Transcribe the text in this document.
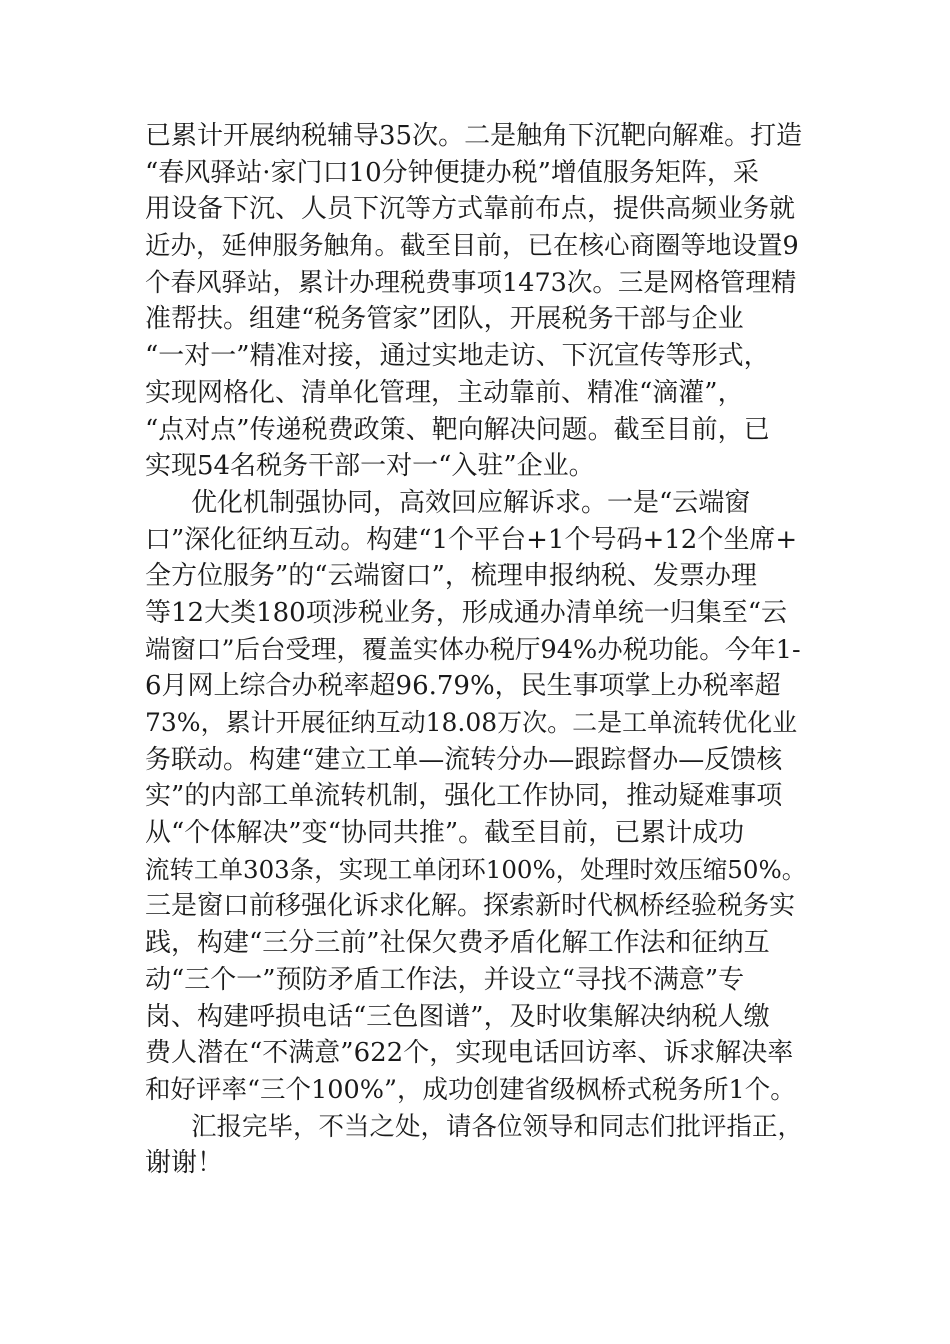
已累计开展纳税辅导35次。二是触角下沉靶向解难。打造
“春风驿站·家门口10分钟便捷办税”增值服务矩阵，采
用设备下沉、人员下沉等方式靠前布点，提供高频业务就
近办，延伸服务触角。截至目前，已在核心商圈等地设置9
个春风驿站，累计办理税费事项1473次。三是网格管理精
准帮扶。组建“税务管家”团队，开展税务干部与企业
“一对一”精准对接，通过实地走访、下沉宣传等形式，
实现网格化、清单化管理，主动靠前、精准“滴灌”，
“点对点”传递税费政策、靶向解决问题。截至目前，已
实现54名税务干部一对一“入驻”企业。
优化机制强协同，高效回应解诉求。一是“云端窗
口”深化征纳互动。构建“1个平台+1个号码+12个坐席+
全方位服务”的“云端窗口”，梳理申报纳税、发票办理
等12大类180项涉税业务，形成通办清单统一归集至“云
端窗口”后台受理，覆盖实体办税厅94%办税功能。今年1-
6月网上综合办税率超96.79%，民生事项掌上办税率超
73%，累计开展征纳互动18.08万次。二是工单流转优化业
务联动。构建“建立工单—流转分办—跟踪督办—反馈核
实”的内部工单流转机制，强化工作协同，推动疑难事项
从“个体解决”变“协同共推”。截至目前，已累计成功
流转工单303条，实现工单闭环100%，处理时效压缩50%。
三是窗口前移强化诉求化解。探索新时代枫桥经验税务实
践，构建“三分三前”社保欠费矛盾化解工作法和征纳互
动“三个一”预防矛盾工作法，并设立“寻找不满意”专
岗、构建呼损电话“三色图谱”，及时收集解决纳税人缴
费人潜在“不满意”622个，实现电话回访率、诉求解决率
和好评率“三个100%”，成功创建省级枫桥式税务所1个。
汇报完毕，不当之处，请各位领导和同志们批评指正，
谢谢！
